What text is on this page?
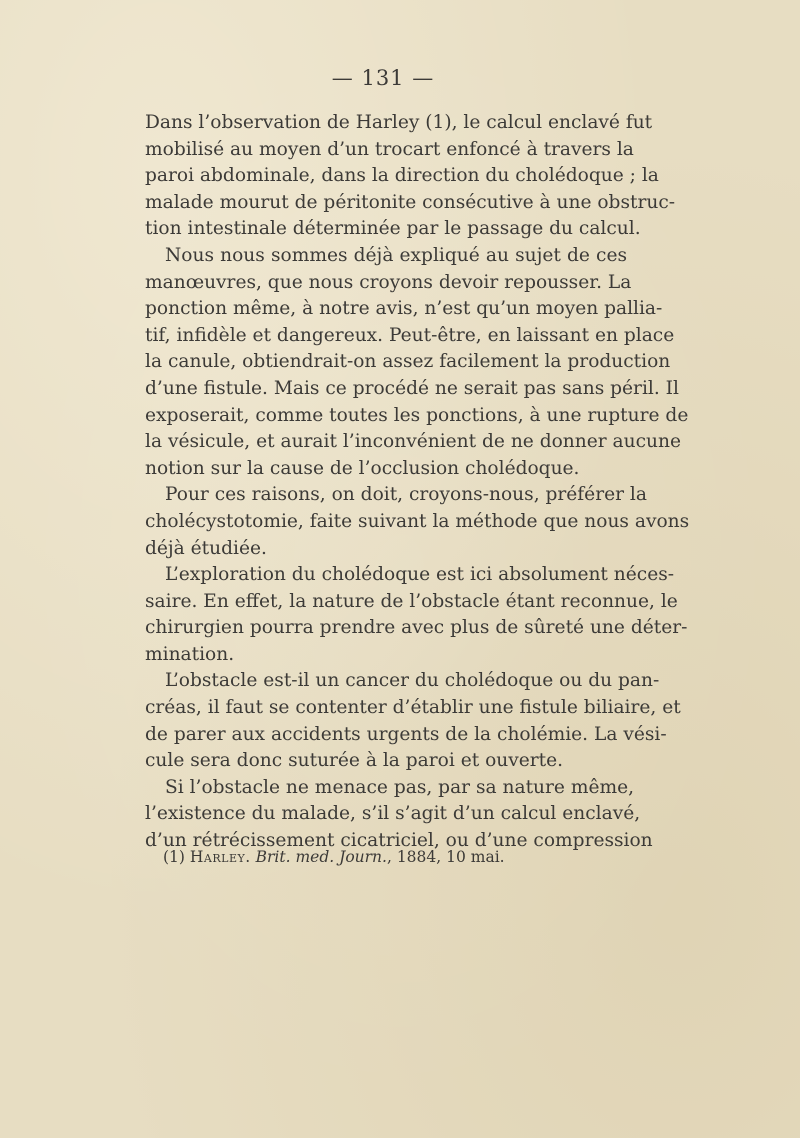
— 131 —
Dans l’observation de Harley (1), le calcul enclavé fut
mobilisé au moyen d’un trocart enfoncé à travers la
paroi abdominale, dans la direction du cholédoque ; la
malade mourut de péritonite consécutive à une obstruc-
tion intestinale déterminée par le passage du calcul.
Nous nous sommes déjà expliqué au sujet de ces
manœuvres, que nous croyons devoir repousser. La
ponction même, à notre avis, n’est qu’un moyen pallia-
tif, infidèle et dangereux. Peut-être, en laissant en place
la canule, obtiendrait-on assez facilement la production
d’une fistule. Mais ce procédé ne serait pas sans péril. Il
exposerait, comme toutes les ponctions, à une rupture de
la vésicule, et aurait l’inconvénient de ne donner aucune
notion sur la cause de l’occlusion cholédoque.
Pour ces raisons, on doit, croyons-nous, préférer la
cholécystotomie, faite suivant la méthode que nous avons
déjà étudiée.
L’exploration du cholédoque est ici absolument néces-
saire. En effet, la nature de l’obstacle étant reconnue, le
chirurgien pourra prendre avec plus de sûreté une déter-
mination.
L’obstacle est-il un cancer du cholédoque ou du pan-
créas, il faut se contenter d’établir une fistule biliaire, et
de parer aux accidents urgents de la cholémie. La vési-
cule sera donc suturée à la paroi et ouverte.
Si l’obstacle ne menace pas, par sa nature même,
l’existence du malade, s’il s’agit d’un calcul enclavé,
d’un rétrécissement cicatriciel, ou d’une compression
(1) Harley. Brit. med. Journ., 1884, 10 mai.
